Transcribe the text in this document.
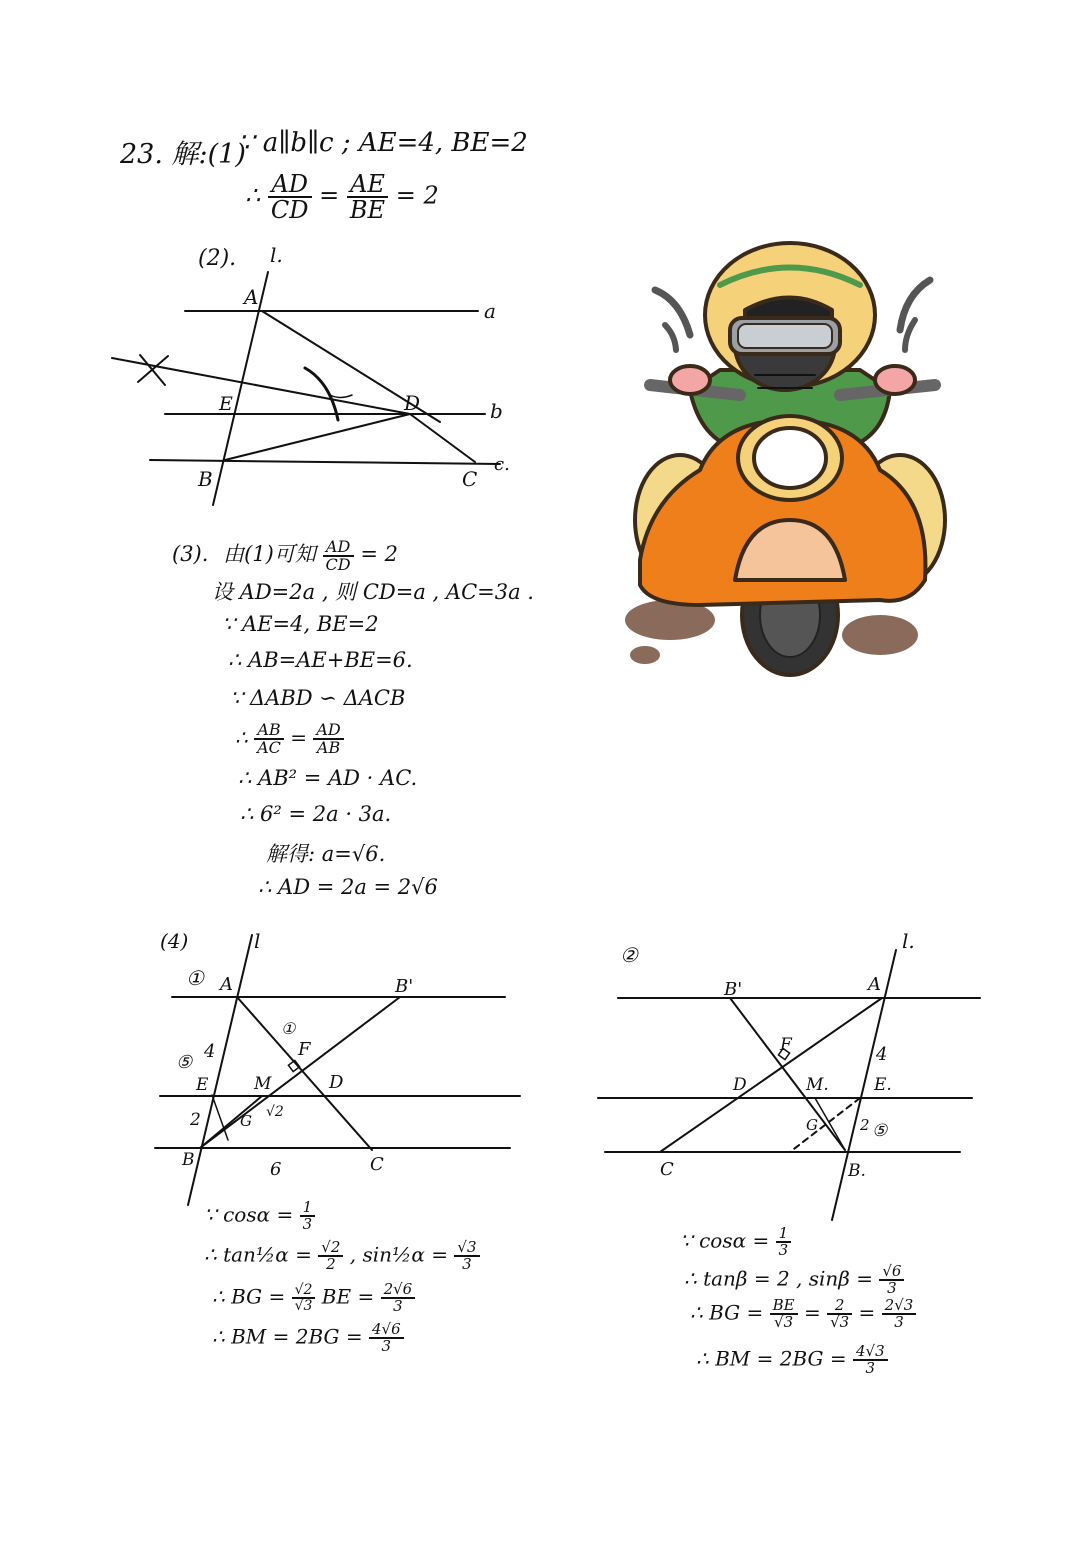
23. 解:(1)
∵ a∥b∥c ; AE=4, BE=2
∴ $\frac{AD}{CD} = \frac{AE}{BE} = 2$
(2). l.
A
a
E	D	b
B	C
c.
(3). 由(1)可知 $\frac{AD}{CD} = 2$
设 AD=2a , 则 CD=a , AC=3a .
∵ AE=4, BE=2
∴ AB=AE+BE=6.
∵ ΔABD ∽ ΔACB
∴ $\frac{AB}{AC} = \frac{AD}{AB}$
∴ AB² = AD · AC.
∴ 6² = 2a · 3a.
解得: a=√6.
∴ AD = 2a = 2√6
(4)
①
l
A	B'
F
D
E	M
G
B	C
4
2
6
⑤
①
√2
②
l.
B'	A
F
D	M.	E.
G
C	B.
4
2 ⑤
∵ $\cos\alpha = \frac{1}{3}$
∴ tan½α = $\frac{√2}{2}$ , sin½α = $\frac{√3}{3}$
∴ BG = $\frac{√2}{√3}$ BE = $\frac{2√6}{3}$
∴ BM = $2BG = \frac{4√6}{3}$
∵ $\cos\alpha = \frac{1}{3}$
∴ tanβ = 2 , $\sin\beta = \frac{√6}{3}$
∴ BG = $\frac{BE}{√3} = \frac{2}{√3} = \frac{2√3}{3}$
∴ BM = $2BG = \frac{4√3}{3}$
